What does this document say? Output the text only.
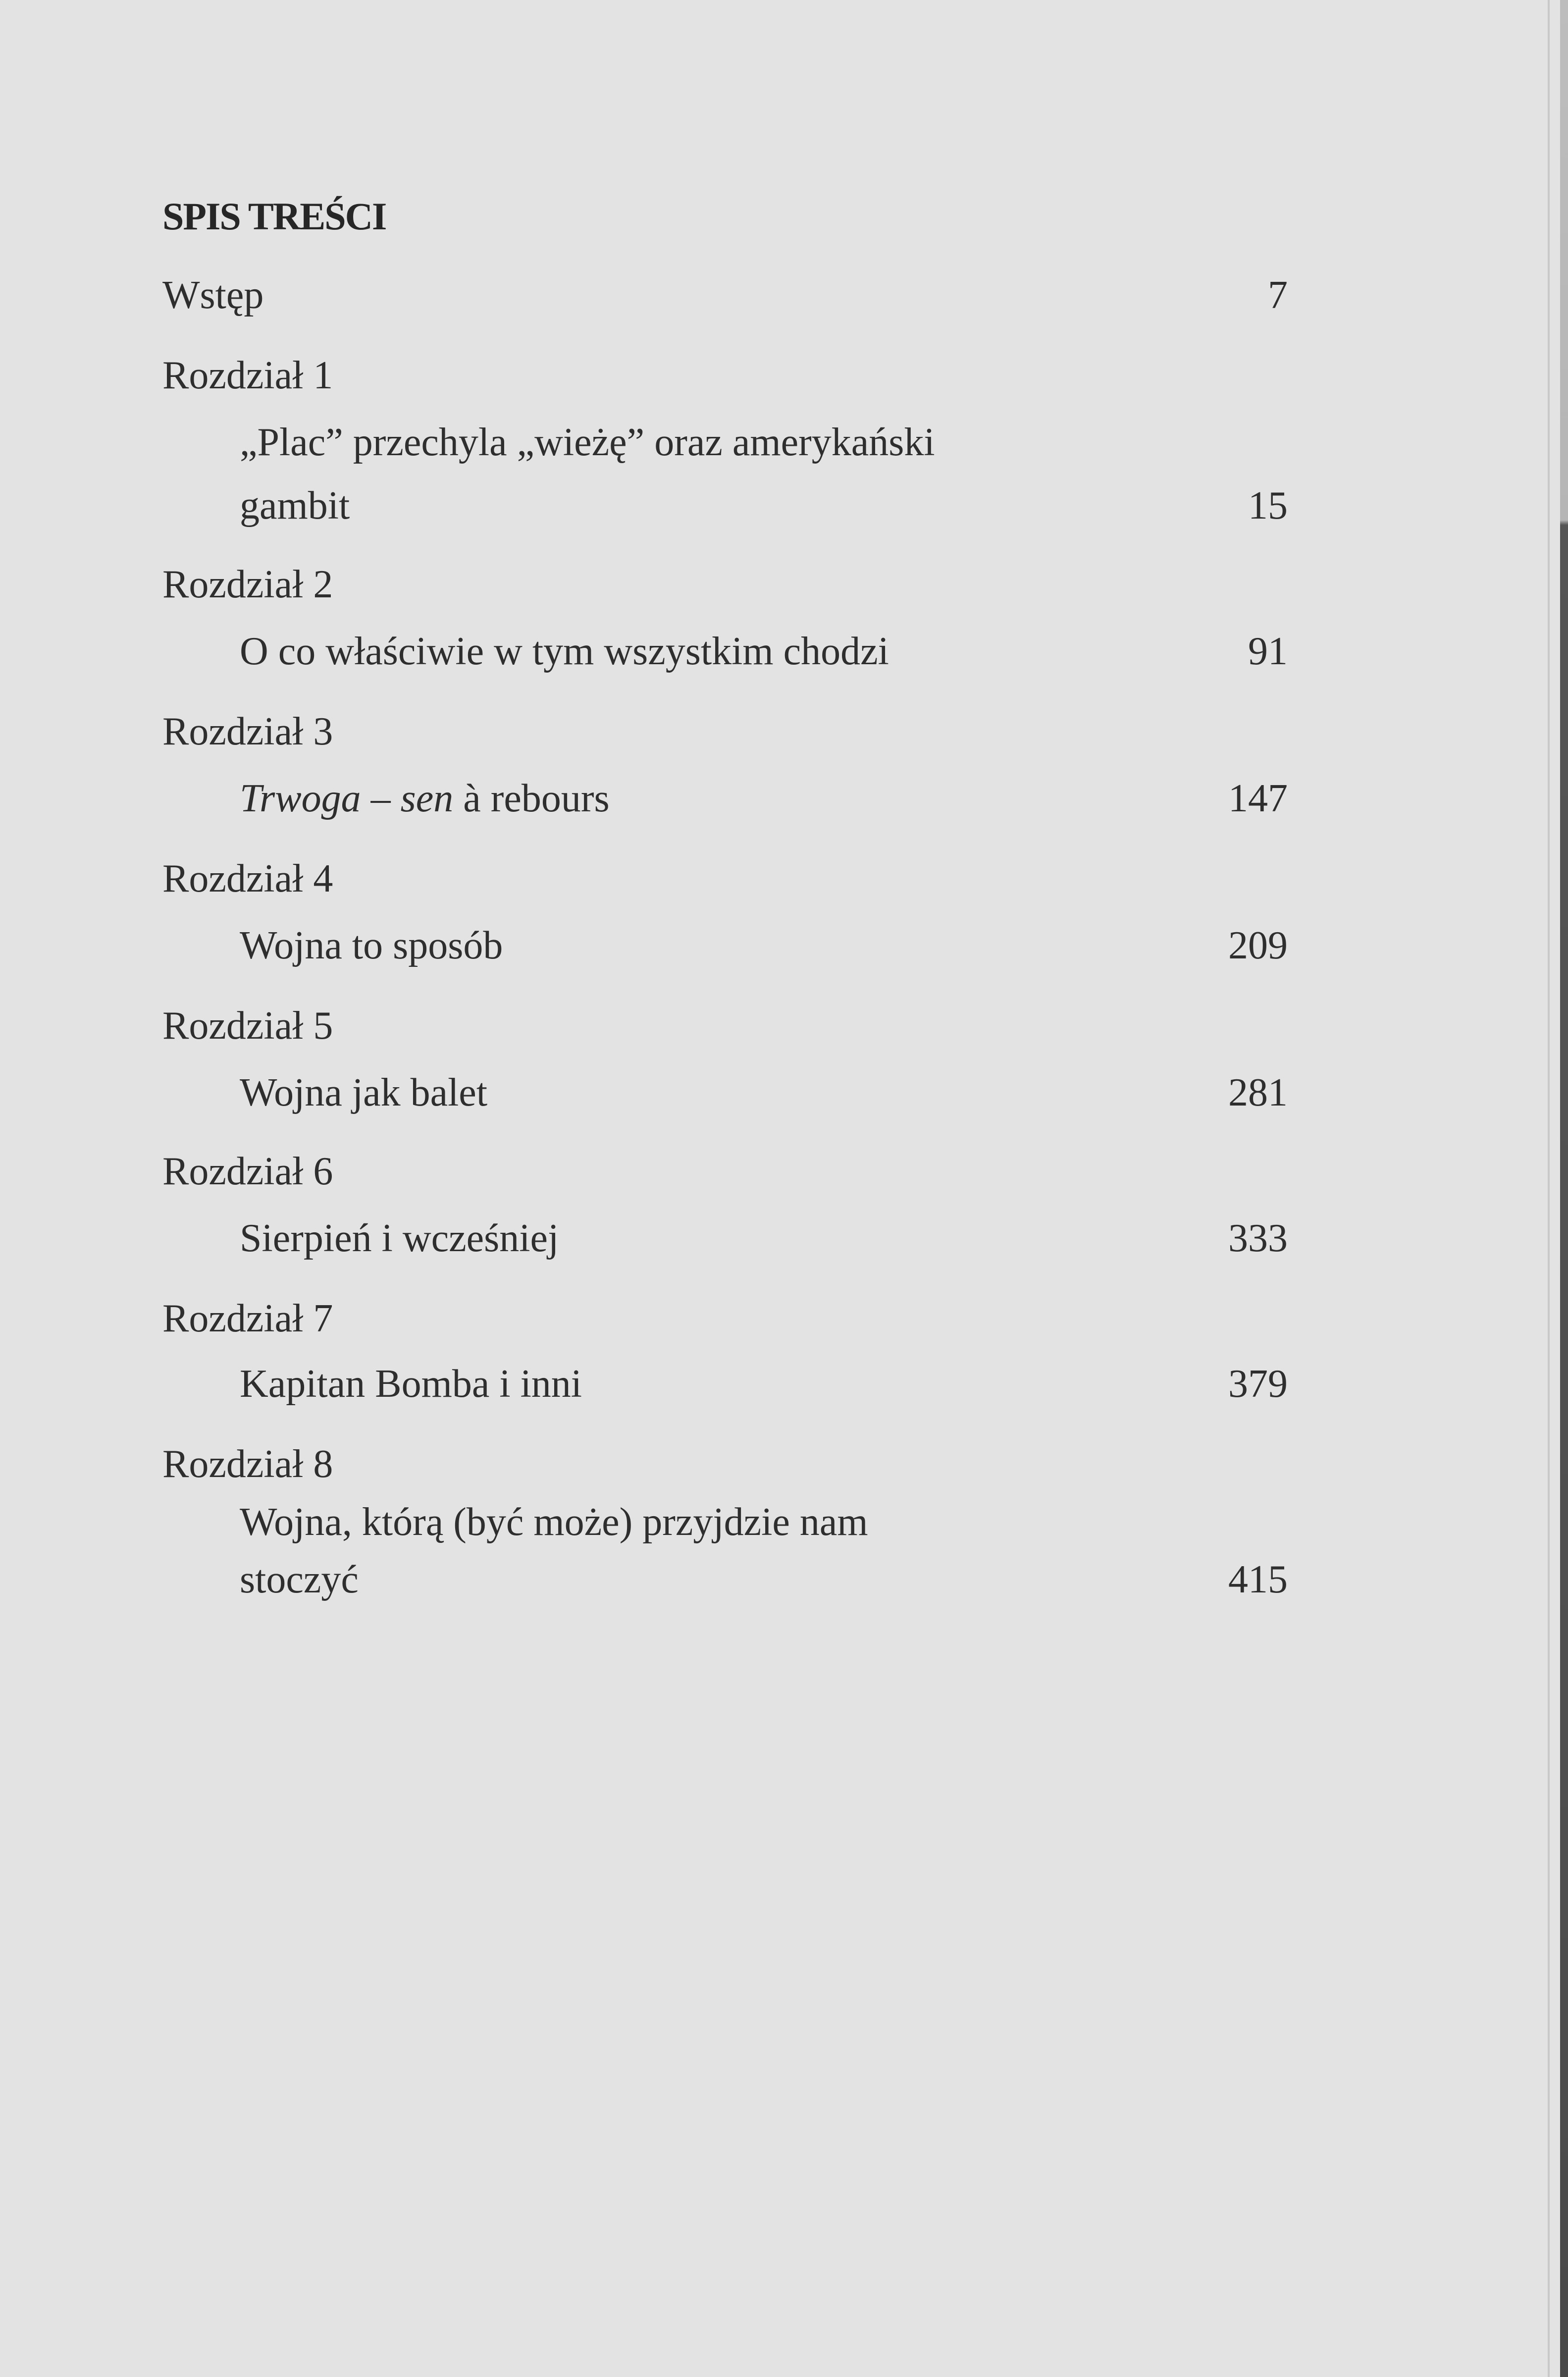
SPIS TREŚCI
Wstęp	7
Rozdział 1
„Plac” przechyla „wieżę” oraz amerykański
gambit	15
Rozdział 2
O co właściwie w tym wszystkim chodzi	91
Rozdział 3
Trwoga – sen à rebours	147
Rozdział 4
Wojna to sposób	209
Rozdział 5
Wojna jak balet	281
Rozdział 6
Sierpień i wcześniej	333
Rozdział 7
Kapitan Bomba i inni	379
Rozdział 8
Wojna, którą (być może) przyjdzie nam
stoczyć	415
